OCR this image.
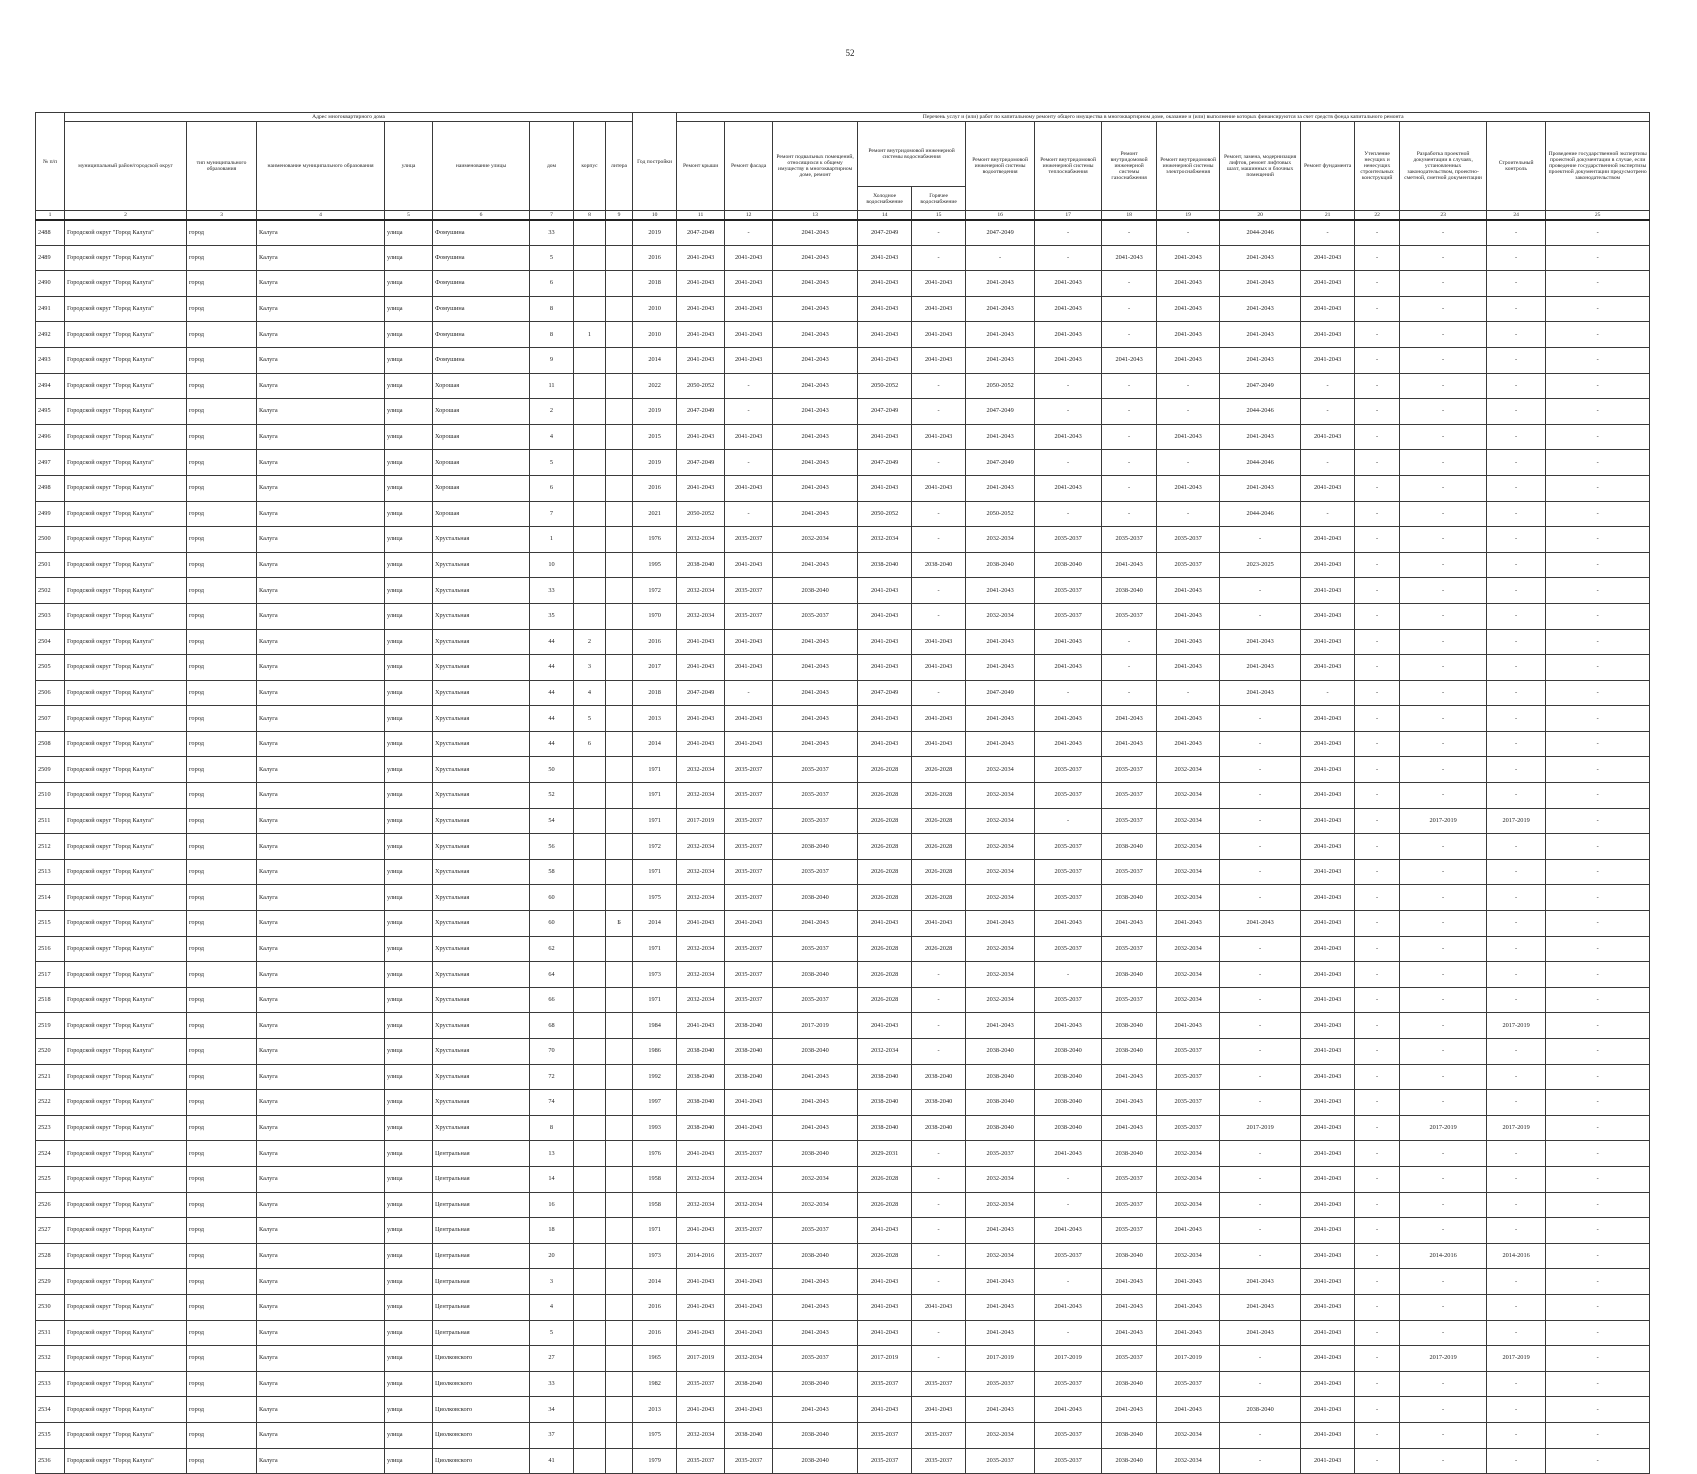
52
№ п/п	Адрес многоквартирного дома								Год постройки	Перечень услуг и (или) работ по капитальному ремонту общего имущества в многоквартирном доме, оказание и (или) выполнение которых финансируются за счет средств фонда капитального ремонта														
	муниципальный район/городской округ	тип муниципального образования	наименование муниципального образования	улица	наименование улицы	дом	корпус	литера		Ремонт крыши	Ремонт фасада	Ремонт подвальных помещений, относящихся к общему имуществу в многоквартирном доме, ремонт	Ремонт внутридомовой инженерной системы водоснабжения		Ремонт внутридомовой инженерной системы водоотведения	Ремонт внутридомовой инженерной системы теплоснабжения	Ремонт внутридомовой инженерной системы газоснабжения	Ремонт внутридомовой инженерной системы электроснабжения	Ремонт, замена, модернизация лифтов, ремонт лифтовых шахт, машинных и блочных помещений	Ремонт фундамента	Утепление несущих и ненесущих строительных конструкций	Разработка проектной документации в случаях, установленных законодательством, проектно-сметной, сметной документации	Строительный контроль	Проведение государственной экспертизы проектной документации в случае, если проведение государственной экспертизы проектной документации предусмотрено законодательством
													Холодное водоснабжение	Горячее водоснабжение										
1	2	3	4	5	6	7	8	9	10	11	12	13	14	15	16	17	18	19	20	21	22	23	24	25
2488	Городской округ "Город Калуга"	город	Калуга	улица	Фомушина	33			2019	2047-2049	-	2041-2043	2047-2049	-	2047-2049	-	-	-	2044-2046	-	-	-	-	-
2489	Городской округ "Город Калуга"	город	Калуга	улица	Фомушина	5			2016	2041-2043	2041-2043	2041-2043	2041-2043	-	-	-	2041-2043	2041-2043	2041-2043	2041-2043	-	-	-	-
2490	Городской округ "Город Калуга"	город	Калуга	улица	Фомушина	6			2018	2041-2043	2041-2043	2041-2043	2041-2043	2041-2043	2041-2043	2041-2043	-	2041-2043	2041-2043	2041-2043	-	-	-	-
2491	Городской округ "Город Калуга"	город	Калуга	улица	Фомушина	8			2010	2041-2043	2041-2043	2041-2043	2041-2043	2041-2043	2041-2043	2041-2043	-	2041-2043	2041-2043	2041-2043	-	-	-	-
2492	Городской округ "Город Калуга"	город	Калуга	улица	Фомушина	8	1		2010	2041-2043	2041-2043	2041-2043	2041-2043	2041-2043	2041-2043	2041-2043	-	2041-2043	2041-2043	2041-2043	-	-	-	-
2493	Городской округ "Город Калуга"	город	Калуга	улица	Фомушина	9			2014	2041-2043	2041-2043	2041-2043	2041-2043	2041-2043	2041-2043	2041-2043	2041-2043	2041-2043	2041-2043	2041-2043	-	-	-	-
2494	Городской округ "Город Калуга"	город	Калуга	улица	Хорошая	11			2022	2050-2052	-	2041-2043	2050-2052	-	2050-2052	-	-	-	2047-2049	-	-	-	-	-
2495	Городской округ "Город Калуга"	город	Калуга	улица	Хорошая	2			2019	2047-2049	-	2041-2043	2047-2049	-	2047-2049	-	-	-	2044-2046	-	-	-	-	-
2496	Городской округ "Город Калуга"	город	Калуга	улица	Хорошая	4			2015	2041-2043	2041-2043	2041-2043	2041-2043	2041-2043	2041-2043	2041-2043	-	2041-2043	2041-2043	2041-2043	-	-	-	-
2497	Городской округ "Город Калуга"	город	Калуга	улица	Хорошая	5			2019	2047-2049	-	2041-2043	2047-2049	-	2047-2049	-	-	-	2044-2046	-	-	-	-	-
2498	Городской округ "Город Калуга"	город	Калуга	улица	Хорошая	6			2016	2041-2043	2041-2043	2041-2043	2041-2043	2041-2043	2041-2043	2041-2043	-	2041-2043	2041-2043	2041-2043	-	-	-	-
2499	Городской округ "Город Калуга"	город	Калуга	улица	Хорошая	7			2021	2050-2052	-	2041-2043	2050-2052	-	2050-2052	-	-	-	2044-2046	-	-	-	-	-
2500	Городской округ "Город Калуга"	город	Калуга	улица	Хрустальная	1			1976	2032-2034	2035-2037	2032-2034	2032-2034	-	2032-2034	2035-2037	2035-2037	2035-2037	-	2041-2043	-	-	-	-
2501	Городской округ "Город Калуга"	город	Калуга	улица	Хрустальная	10			1995	2038-2040	2041-2043	2041-2043	2038-2040	2038-2040	2038-2040	2038-2040	2041-2043	2035-2037	2023-2025	2041-2043	-	-	-	-
2502	Городской округ "Город Калуга"	город	Калуга	улица	Хрустальная	33			1972	2032-2034	2035-2037	2038-2040	2041-2043	-	2041-2043	2035-2037	2038-2040	2041-2043	-	2041-2043	-	-	-	-
2503	Городской округ "Город Калуга"	город	Калуга	улица	Хрустальная	35			1970	2032-2034	2035-2037	2035-2037	2041-2043	-	2032-2034	2035-2037	2035-2037	2041-2043	-	2041-2043	-	-	-	-
2504	Городской округ "Город Калуга"	город	Калуга	улица	Хрустальная	44	2		2016	2041-2043	2041-2043	2041-2043	2041-2043	2041-2043	2041-2043	2041-2043	-	2041-2043	2041-2043	2041-2043	-	-	-	-
2505	Городской округ "Город Калуга"	город	Калуга	улица	Хрустальная	44	3		2017	2041-2043	2041-2043	2041-2043	2041-2043	2041-2043	2041-2043	2041-2043	-	2041-2043	2041-2043	2041-2043	-	-	-	-
2506	Городской округ "Город Калуга"	город	Калуга	улица	Хрустальная	44	4		2018	2047-2049	-	2041-2043	2047-2049	-	2047-2049	-	-	-	2041-2043	-	-	-	-	-
2507	Городской округ "Город Калуга"	город	Калуга	улица	Хрустальная	44	5		2013	2041-2043	2041-2043	2041-2043	2041-2043	2041-2043	2041-2043	2041-2043	2041-2043	2041-2043	-	2041-2043	-	-	-	-
2508	Городской округ "Город Калуга"	город	Калуга	улица	Хрустальная	44	6		2014	2041-2043	2041-2043	2041-2043	2041-2043	2041-2043	2041-2043	2041-2043	2041-2043	2041-2043	-	2041-2043	-	-	-	-
2509	Городской округ "Город Калуга"	город	Калуга	улица	Хрустальная	50			1971	2032-2034	2035-2037	2035-2037	2026-2028	2026-2028	2032-2034	2035-2037	2035-2037	2032-2034	-	2041-2043	-	-	-	-
2510	Городской округ "Город Калуга"	город	Калуга	улица	Хрустальная	52			1971	2032-2034	2035-2037	2035-2037	2026-2028	2026-2028	2032-2034	2035-2037	2035-2037	2032-2034	-	2041-2043	-	-	-	-
2511	Городской округ "Город Калуга"	город	Калуга	улица	Хрустальная	54			1971	2017-2019	2035-2037	2035-2037	2026-2028	2026-2028	2032-2034	-	2035-2037	2032-2034	-	2041-2043	-	2017-2019	2017-2019	-
2512	Городской округ "Город Калуга"	город	Калуга	улица	Хрустальная	56			1972	2032-2034	2035-2037	2038-2040	2026-2028	2026-2028	2032-2034	2035-2037	2038-2040	2032-2034	-	2041-2043	-	-	-	-
2513	Городской округ "Город Калуга"	город	Калуга	улица	Хрустальная	58			1971	2032-2034	2035-2037	2035-2037	2026-2028	2026-2028	2032-2034	2035-2037	2035-2037	2032-2034	-	2041-2043	-	-	-	-
2514	Городской округ "Город Калуга"	город	Калуга	улица	Хрустальная	60			1975	2032-2034	2035-2037	2038-2040	2026-2028	2026-2028	2032-2034	2035-2037	2038-2040	2032-2034	-	2041-2043	-	-	-	-
2515	Городской округ "Город Калуга"	город	Калуга	улица	Хрустальная	60		Б	2014	2041-2043	2041-2043	2041-2043	2041-2043	2041-2043	2041-2043	2041-2043	2041-2043	2041-2043	2041-2043	2041-2043	-	-	-	-
2516	Городской округ "Город Калуга"	город	Калуга	улица	Хрустальная	62			1971	2032-2034	2035-2037	2035-2037	2026-2028	2026-2028	2032-2034	2035-2037	2035-2037	2032-2034	-	2041-2043	-	-	-	-
2517	Городской округ "Город Калуга"	город	Калуга	улица	Хрустальная	64			1973	2032-2034	2035-2037	2038-2040	2026-2028	-	2032-2034	-	2038-2040	2032-2034	-	2041-2043	-	-	-	-
2518	Городской округ "Город Калуга"	город	Калуга	улица	Хрустальная	66			1971	2032-2034	2035-2037	2035-2037	2026-2028	-	2032-2034	2035-2037	2035-2037	2032-2034	-	2041-2043	-	-	-	-
2519	Городской округ "Город Калуга"	город	Калуга	улица	Хрустальная	68			1984	2041-2043	2038-2040	2017-2019	2041-2043	-	2041-2043	2041-2043	2038-2040	2041-2043	-	2041-2043	-	-	2017-2019	-
2520	Городской округ "Город Калуга"	город	Калуга	улица	Хрустальная	70			1986	2038-2040	2038-2040	2038-2040	2032-2034	-	2038-2040	2038-2040	2038-2040	2035-2037	-	2041-2043	-	-	-	-
2521	Городской округ "Город Калуга"	город	Калуга	улица	Хрустальная	72			1992	2038-2040	2038-2040	2041-2043	2038-2040	2038-2040	2038-2040	2038-2040	2041-2043	2035-2037	-	2041-2043	-	-	-	-
2522	Городской округ "Город Калуга"	город	Калуга	улица	Хрустальная	74			1997	2038-2040	2041-2043	2041-2043	2038-2040	2038-2040	2038-2040	2038-2040	2041-2043	2035-2037	-	2041-2043	-	-	-	-
2523	Городской округ "Город Калуга"	город	Калуга	улица	Хрустальная	8			1993	2038-2040	2041-2043	2041-2043	2038-2040	2038-2040	2038-2040	2038-2040	2041-2043	2035-2037	2017-2019	2041-2043	-	2017-2019	2017-2019	-
2524	Городской округ "Город Калуга"	город	Калуга	улица	Центральная	13			1976	2041-2043	2035-2037	2038-2040	2029-2031	-	2035-2037	2041-2043	2038-2040	2032-2034	-	2041-2043	-	-	-	-
2525	Городской округ "Город Калуга"	город	Калуга	улица	Центральная	14			1958	2032-2034	2032-2034	2032-2034	2026-2028	-	2032-2034	-	2035-2037	2032-2034	-	2041-2043	-	-	-	-
2526	Городской округ "Город Калуга"	город	Калуга	улица	Центральная	16			1958	2032-2034	2032-2034	2032-2034	2026-2028	-	2032-2034	-	2035-2037	2032-2034	-	2041-2043	-	-	-	-
2527	Городской округ "Город Калуга"	город	Калуга	улица	Центральная	18			1971	2041-2043	2035-2037	2035-2037	2041-2043	-	2041-2043	2041-2043	2035-2037	2041-2043	-	2041-2043	-	-	-	-
2528	Городской округ "Город Калуга"	город	Калуга	улица	Центральная	20			1973	2014-2016	2035-2037	2038-2040	2026-2028	-	2032-2034	2035-2037	2038-2040	2032-2034	-	2041-2043	-	2014-2016	2014-2016	-
2529	Городской округ "Город Калуга"	город	Калуга	улица	Центральная	3			2014	2041-2043	2041-2043	2041-2043	2041-2043	-	2041-2043	-	2041-2043	2041-2043	2041-2043	2041-2043	-	-	-	-
2530	Городской округ "Город Калуга"	город	Калуга	улица	Центральная	4			2016	2041-2043	2041-2043	2041-2043	2041-2043	2041-2043	2041-2043	2041-2043	2041-2043	2041-2043	2041-2043	2041-2043	-	-	-	-
2531	Городской округ "Город Калуга"	город	Калуга	улица	Центральная	5			2016	2041-2043	2041-2043	2041-2043	2041-2043	-	2041-2043	-	2041-2043	2041-2043	2041-2043	2041-2043	-	-	-	-
2532	Городской округ "Город Калуга"	город	Калуга	улица	Циолковского	27			1965	2017-2019	2032-2034	2035-2037	2017-2019	-	2017-2019	2017-2019	2035-2037	2017-2019	-	2041-2043	-	2017-2019	2017-2019	-
2533	Городской округ "Город Калуга"	город	Калуга	улица	Циолковского	33			1982	2035-2037	2038-2040	2038-2040	2035-2037	2035-2037	2035-2037	2035-2037	2038-2040	2035-2037	-	2041-2043	-	-	-	-
2534	Городской округ "Город Калуга"	город	Калуга	улица	Циолковского	34			2013	2041-2043	2041-2043	2041-2043	2041-2043	2041-2043	2041-2043	2041-2043	2041-2043	2041-2043	2038-2040	2041-2043	-	-	-	-
2535	Городской округ "Город Калуга"	город	Калуга	улица	Циолковского	37			1975	2032-2034	2038-2040	2038-2040	2035-2037	2035-2037	2032-2034	2035-2037	2038-2040	2032-2034	-	2041-2043	-	-	-	-
2536	Городской округ "Город Калуга"	город	Калуга	улица	Циолковского	41			1979	2035-2037	2035-2037	2038-2040	2035-2037	2035-2037	2035-2037	2035-2037	2038-2040	2032-2034	-	2041-2043	-	-	-	-
